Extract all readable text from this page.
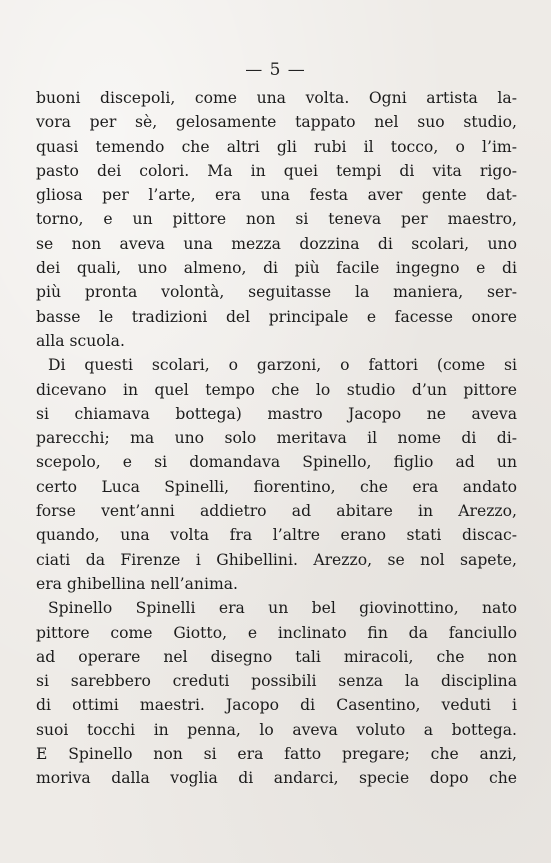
— 5 —
buoni discepoli, come una volta. Ogni artista la-
vora per sè, gelosamente tappato nel suo studio,
quasi temendo che altri gli rubi il tocco, o l’im-
pasto dei colori. Ma in quei tempi di vita rigo-
gliosa per l’arte, era una festa aver gente dat-
torno, e un pittore non si teneva per maestro,
se non aveva una mezza dozzina di scolari, uno
dei quali, uno almeno, di più facile ingegno e di
più pronta volontà, seguitasse la maniera, ser-
basse le tradizioni del principale e facesse onore
alla scuola.
Di questi scolari, o garzoni, o fattori (come si
dicevano in quel tempo che lo studio d’un pittore
si chiamava bottega) mastro Jacopo ne aveva
parecchi; ma uno solo meritava il nome di di-
scepolo, e si domandava Spinello, figlio ad un
certo Luca Spinelli, fiorentino, che era andato
forse vent’anni addietro ad abitare in Arezzo,
quando, una volta fra l’altre erano stati discac-
ciati da Firenze i Ghibellini. Arezzo, se nol sapete,
era ghibellina nell’anima.
Spinello Spinelli era un bel giovinottino, nato
pittore come Giotto, e inclinato fin da fanciullo
ad operare nel disegno tali miracoli, che non
si sarebbero creduti possibili senza la disciplina
di ottimi maestri. Jacopo di Casentino, veduti i
suoi tocchi in penna, lo aveva voluto a bottega.
E Spinello non si era fatto pregare; che anzi,
moriva dalla voglia di andarci, specie dopo che
